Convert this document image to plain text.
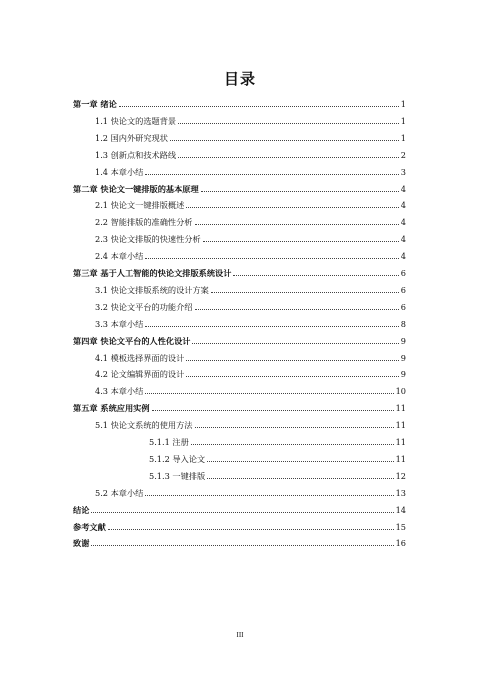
目录
第一章 绪论	1
1.1 快论文的选题背景	1
1.2 国内外研究现状	1
1.3 创新点和技术路线	2
1.4 本章小结	3
第二章 快论文一键排版的基本原理	4
2.1 快论文一键排版概述	4
2.2 智能排版的准确性分析	4
2.3 快论文排版的快速性分析	4
2.4 本章小结	4
第三章 基于人工智能的快论文排版系统设计	6
3.1 快论文排版系统的设计方案	6
3.2 快论文平台的功能介绍	6
3.3 本章小结	8
第四章 快论文平台的人性化设计	9
4.1 模板选择界面的设计	9
4.2 论文编辑界面的设计	9
4.3 本章小结	10
第五章 系统应用实例	11
5.1 快论文系统的使用方法	11
5.1.1 注册	11
5.1.2 导入论文	11
5.1.3 一键排版	12
5.2 本章小结	13
结论	14
参考文献	15
致谢	16
III
